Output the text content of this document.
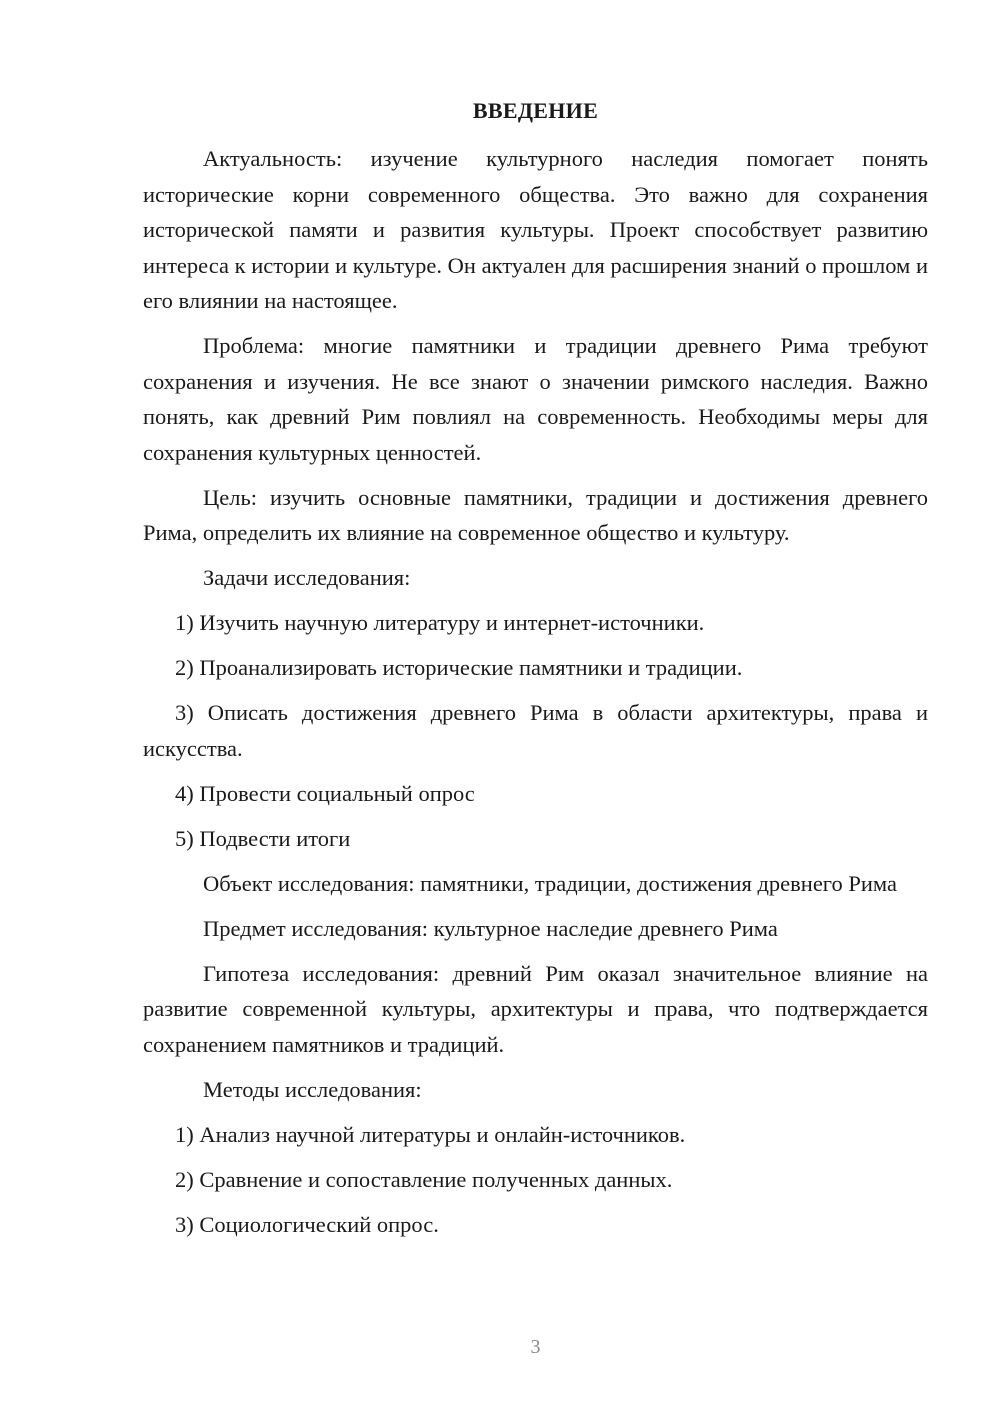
ВВЕДЕНИЕ

Актуальность: изучение культурного наследия помогает понять исторические корни современного общества. Это важно для сохранения исторической памяти и развития культуры. Проект способствует развитию интереса к истории и культуре. Он актуален для расширения знаний о прошлом и его влиянии на настоящее.

Проблема: многие памятники и традиции древнего Рима требуют сохранения и изучения. Не все знают о значении римского наследия. Важно понять, как древний Рим повлиял на современность. Необходимы меры для сохранения культурных ценностей.

Цель: изучить основные памятники, традиции и достижения древнего Рима, определить их влияние на современное общество и культуру.

Задачи исследования:

1) Изучить научную литературу и интернет-источники.

2) Проанализировать исторические памятники и традиции.

3) Описать достижения древнего Рима в области архитектуры, права и искусства.

4) Провести социальный опрос

5) Подвести итоги

Объект исследования: памятники, традиции, достижения древнего Рима

Предмет исследования: культурное наследие древнего Рима

Гипотеза исследования: древний Рим оказал значительное влияние на развитие современной культуры, архитектуры и права, что подтверждается сохранением памятников и традиций.

Методы исследования:

1) Анализ научной литературы и онлайн-источников.

2) Сравнение и сопоставление полученных данных.

3) Социологический опрос.

3
